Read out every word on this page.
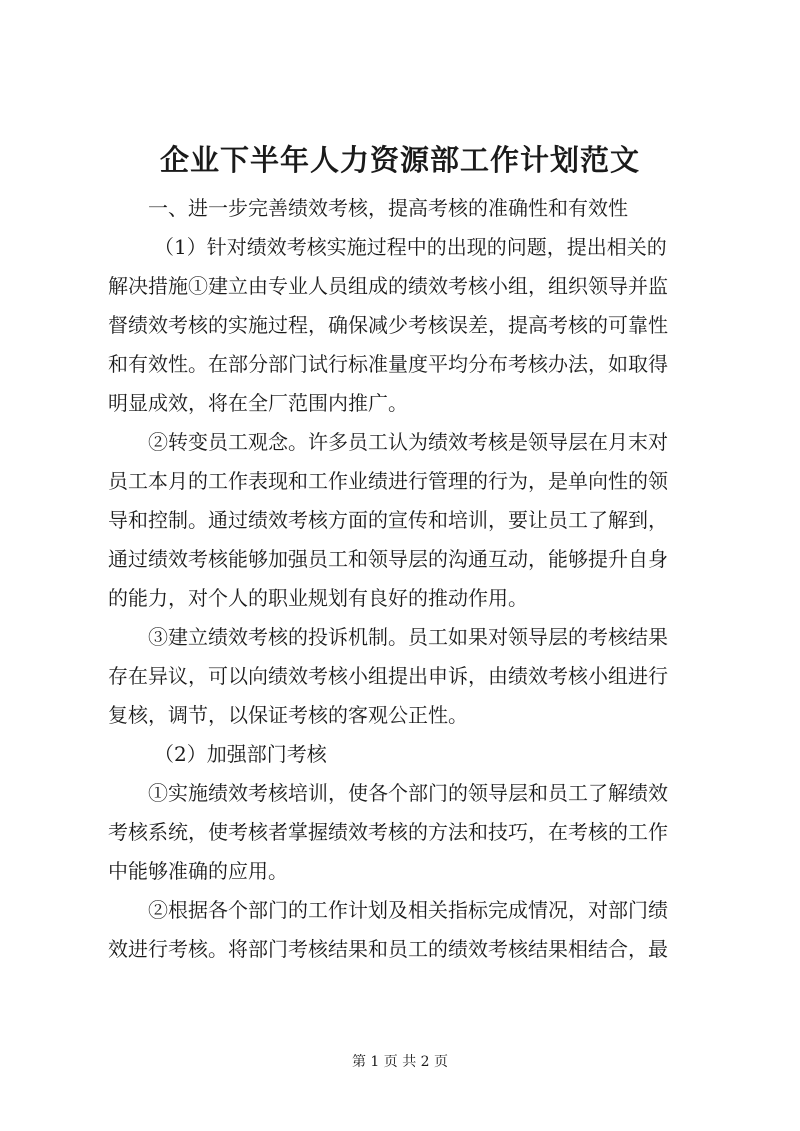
企业下半年人力资源部工作计划范文
一、进一步完善绩效考核，提高考核的准确性和有效性
（1）针对绩效考核实施过程中的出现的问题，提出相关的
解决措施①建立由专业人员组成的绩效考核小组，组织领导并监
督绩效考核的实施过程，确保减少考核误差，提高考核的可靠性
和有效性。在部分部门试行标准量度平均分布考核办法，如取得
明显成效，将在全厂范围内推广。
②转变员工观念。许多员工认为绩效考核是领导层在月末对
员工本月的工作表现和工作业绩进行管理的行为，是单向性的领
导和控制。通过绩效考核方面的宣传和培训，要让员工了解到，
通过绩效考核能够加强员工和领导层的沟通互动，能够提升自身
的能力，对个人的职业规划有良好的推动作用。
③建立绩效考核的投诉机制。员工如果对领导层的考核结果
存在异议，可以向绩效考核小组提出申诉，由绩效考核小组进行
复核，调节，以保证考核的客观公正性。
（2）加强部门考核
①实施绩效考核培训，使各个部门的领导层和员工了解绩效
考核系统，使考核者掌握绩效考核的方法和技巧，在考核的工作
中能够准确的应用。
②根据各个部门的工作计划及相关指标完成情况，对部门绩
效进行考核。将部门考核结果和员工的绩效考核结果相结合，最
第 1 页 共 2 页
